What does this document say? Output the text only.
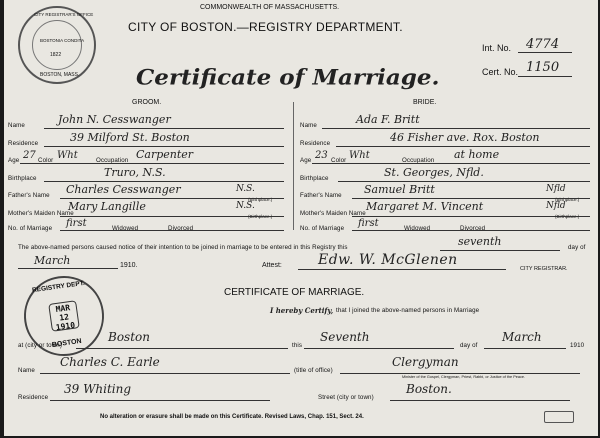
CITY REGISTRAR'S OFFICE
BOSTONIA CONDITA
1822
BOSTON, MASS.
COMMONWEALTH OF MASSACHUSETTS.
CITY OF BOSTON.—REGISTRY DEPARTMENT.
Certificate of Marriage.
Int. No. 4774
Cert. No. 1150
GROOM.	BRIDE.
Name	John N. Cesswanger
Residence	39 Milford St. Boston
Age 27 Color Wht	Occupation Carpenter
Birthplace	Truro, N.S.
Father's Name Charles Cesswanger	N.S.
(Birthplace.)
Mother's Maiden Name
Mary Langille	N.S.
(Birthplace.)
No. of Marriage first	Widowed	Divorced
Name	Ada F. Britt
Residence	46 Fisher ave. Rox. Boston
Age 23 Color Wht	Occupation at home
Birthplace	St. Georges, Nfld.
Father's Name Samuel Britt	Nfld
(Birthplace.)
Mother's Maiden Name
Margaret M. Vincent	Nfld
(Birthplace.)
No. of Marriage first	Widowed	Divorced
The above-named persons caused notice of their intention to be joined in marriage to be entered in this Registry this	seventh	day of
March	1910.	Attest:	Edw. W. McGlenen
CITY REGISTRAR.
REGISTRY DEPT.
MAR
12
1910
BOSTON
CERTIFICATE OF MARRIAGE.
I hereby Certify, that I joined the above-named persons in Marriage
at (city or town)
Boston
this
Seventh
day of
March
1910
Name
Charles C. Earle
(title of office)
Clergyman
Minister of the Gospel, Clergyman, Priest, Rabbi, or Justice of the Peace.
Residence
39 Whiting
Street (city or town)
Boston.
No alteration or erasure shall be made on this Certificate. Revised Laws, Chap. 151, Sect. 24.
